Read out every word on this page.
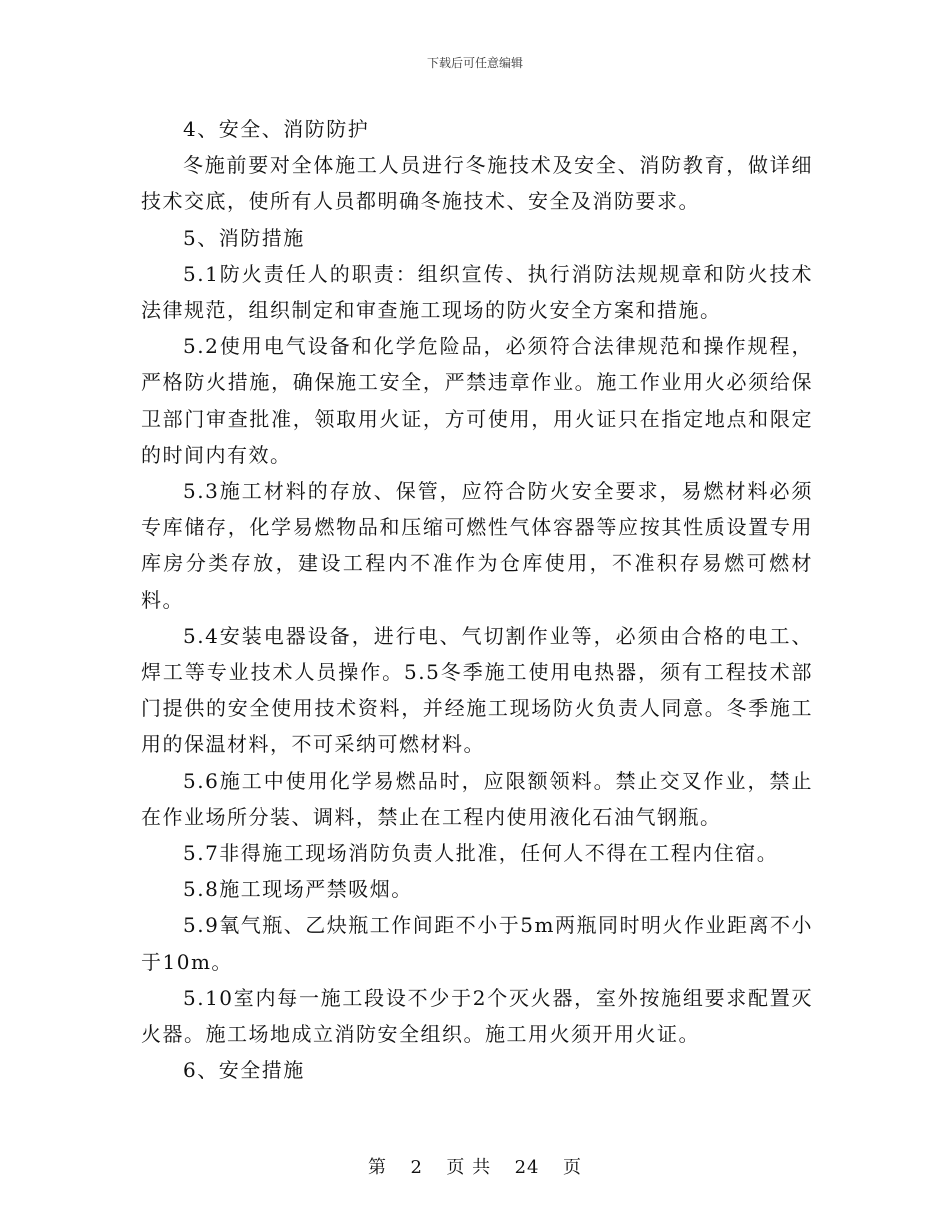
下载后可任意编辑

4、安全、消防防护

冬施前要对全体施工人员进行冬施技术及安全、消防教育，做详细技术交底，使所有人员都明确冬施技术、安全及消防要求。

5、消防措施

5.1防火责任人的职责：组织宣传、执行消防法规规章和防火技术法律规范，组织制定和审查施工现场的防火安全方案和措施。

5.2使用电气设备和化学危险品，必须符合法律规范和操作规程，严格防火措施，确保施工安全，严禁违章作业。施工作业用火必须给保卫部门审查批准，领取用火证，方可使用，用火证只在指定地点和限定的时间内有效。

5.3施工材料的存放、保管，应符合防火安全要求，易燃材料必须专库储存，化学易燃物品和压缩可燃性气体容器等应按其性质设置专用库房分类存放，建设工程内不准作为仓库使用，不准积存易燃可燃材料。

5.4安装电器设备，进行电、气切割作业等，必须由合格的电工、焊工等专业技术人员操作。5.5冬季施工使用电热器，须有工程技术部门提供的安全使用技术资料，并经施工现场防火负责人同意。冬季施工用的保温材料，不可采纳可燃材料。

5.6施工中使用化学易燃品时，应限额领料。禁止交叉作业，禁止在作业场所分装、调料，禁止在工程内使用液化石油气钢瓶。

5.7非得施工现场消防负责人批准，任何人不得在工程内住宿。

5.8施工现场严禁吸烟。

5.9氧气瓶、乙炔瓶工作间距不小于5m两瓶同时明火作业距离不小于10m。

5.10室内每一施工段设不少于2个灭火器，室外按施组要求配置灭火器。施工场地成立消防安全组织。施工用火须开用火证。

6、安全措施

第 2 页 共 24 页
